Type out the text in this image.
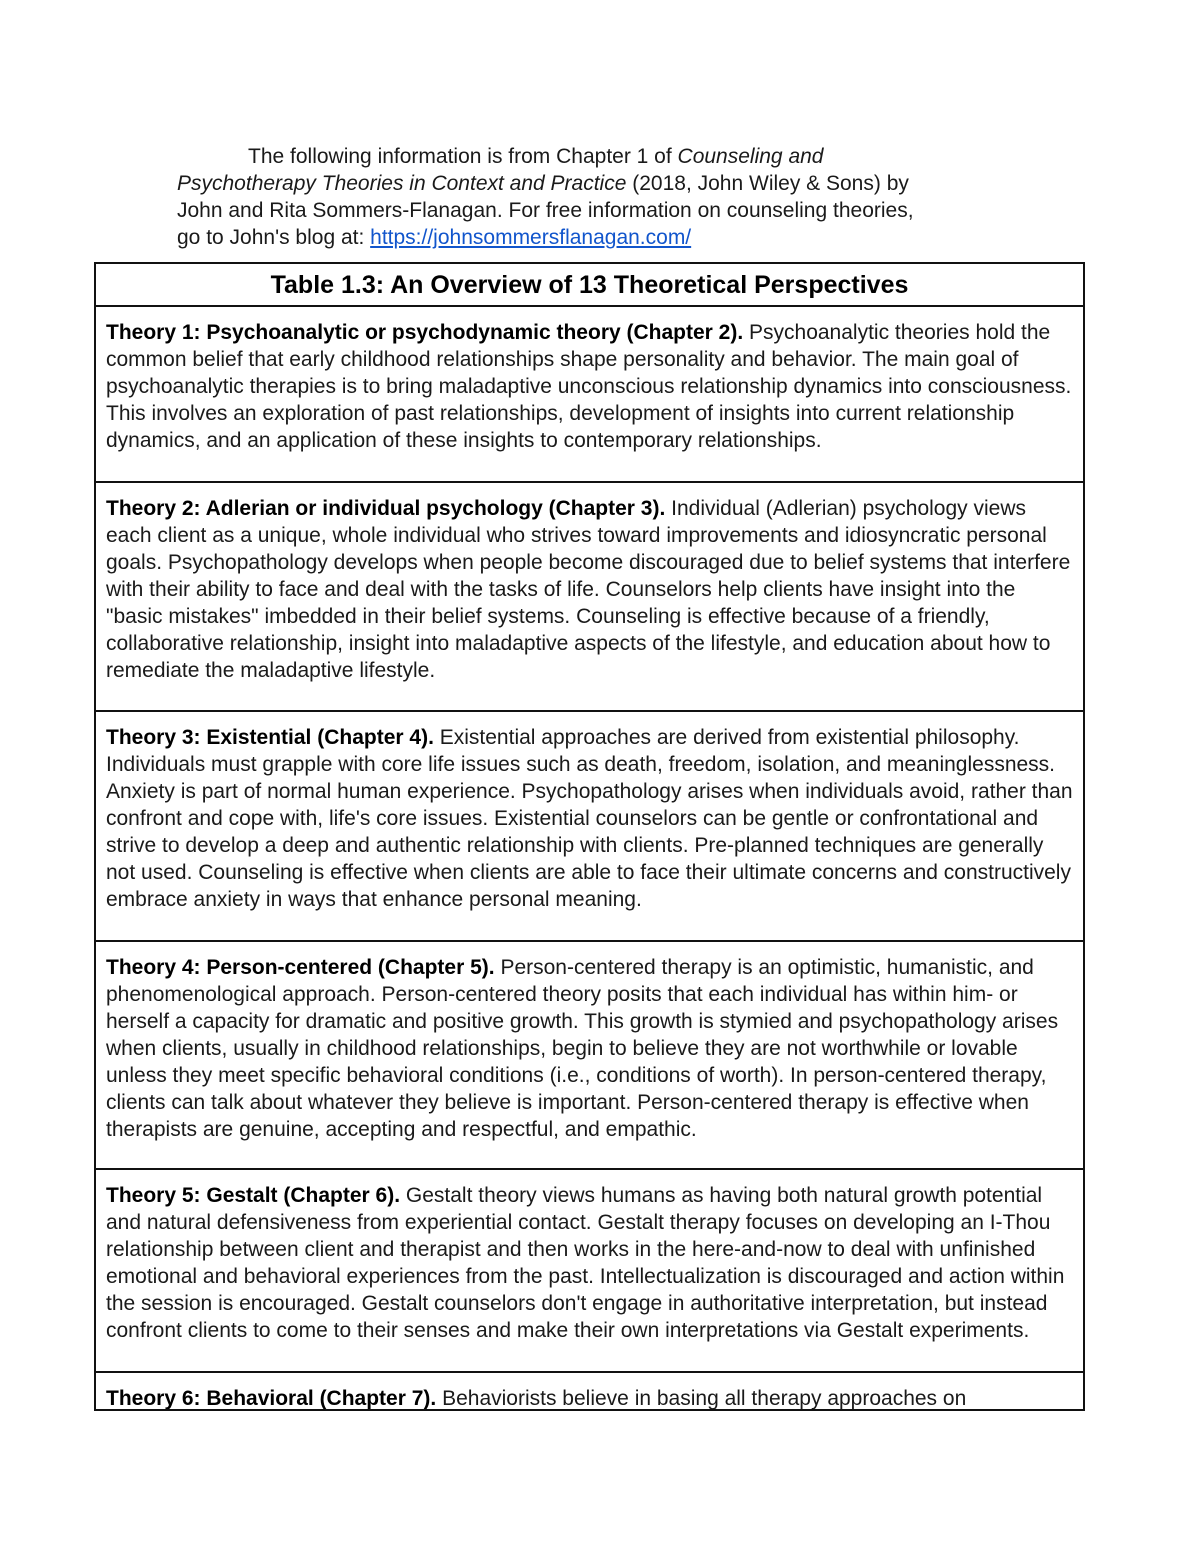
The following information is from Chapter 1 of Counseling and
Psychotherapy Theories in Context and Practice (2018, John Wiley & Sons) by
John and Rita Sommers-Flanagan. For free information on counseling theories,
go to John's blog at: https://johnsommersflanagan.com/
Table 1.3: An Overview of 13 Theoretical Perspectives
Theory 1: Psychoanalytic or psychodynamic theory (Chapter 2). Psychoanalytic theories hold the common belief that early childhood relationships shape personality and behavior. The main goal of psychoanalytic therapies is to bring maladaptive unconscious relationship dynamics into consciousness. This involves an exploration of past relationships, development of insights into current relationship dynamics, and an application of these insights to contemporary relationships.
Theory 2: Adlerian or individual psychology (Chapter 3). Individual (Adlerian) psychology views each client as a unique, whole individual who strives toward improvements and idiosyncratic personal goals. Psychopathology develops when people become discouraged due to belief systems that interfere with their ability to face and deal with the tasks of life. Counselors help clients have insight into the "basic mistakes" imbedded in their belief systems. Counseling is effective because of a friendly, collaborative relationship, insight into maladaptive aspects of the lifestyle, and education about how to remediate the maladaptive lifestyle.
Theory 3: Existential (Chapter 4). Existential approaches are derived from existential philosophy. Individuals must grapple with core life issues such as death, freedom, isolation, and meaninglessness. Anxiety is part of normal human experience. Psychopathology arises when individuals avoid, rather than confront and cope with, life's core issues. Existential counselors can be gentle or confrontational and strive to develop a deep and authentic relationship with clients. Pre-planned techniques are generally not used. Counseling is effective when clients are able to face their ultimate concerns and constructively embrace anxiety in ways that enhance personal meaning.
Theory 4: Person-centered (Chapter 5). Person-centered therapy is an optimistic, humanistic, and phenomenological approach. Person-centered theory posits that each individual has within him- or herself a capacity for dramatic and positive growth. This growth is stymied and psychopathology arises when clients, usually in childhood relationships, begin to believe they are not worthwhile or lovable unless they meet specific behavioral conditions (i.e., conditions of worth). In person-centered therapy, clients can talk about whatever they believe is important. Person-centered therapy is effective when therapists are genuine, accepting and respectful, and empathic.
Theory 5: Gestalt (Chapter 6). Gestalt theory views humans as having both natural growth potential and natural defensiveness from experiential contact. Gestalt therapy focuses on developing an I-Thou relationship between client and therapist and then works in the here-and-now to deal with unfinished emotional and behavioral experiences from the past. Intellectualization is discouraged and action within the session is encouraged. Gestalt counselors don't engage in authoritative interpretation, but instead confront clients to come to their senses and make their own interpretations via Gestalt experiments.
Theory 6: Behavioral (Chapter 7). Behaviorists believe in basing all therapy approaches on
